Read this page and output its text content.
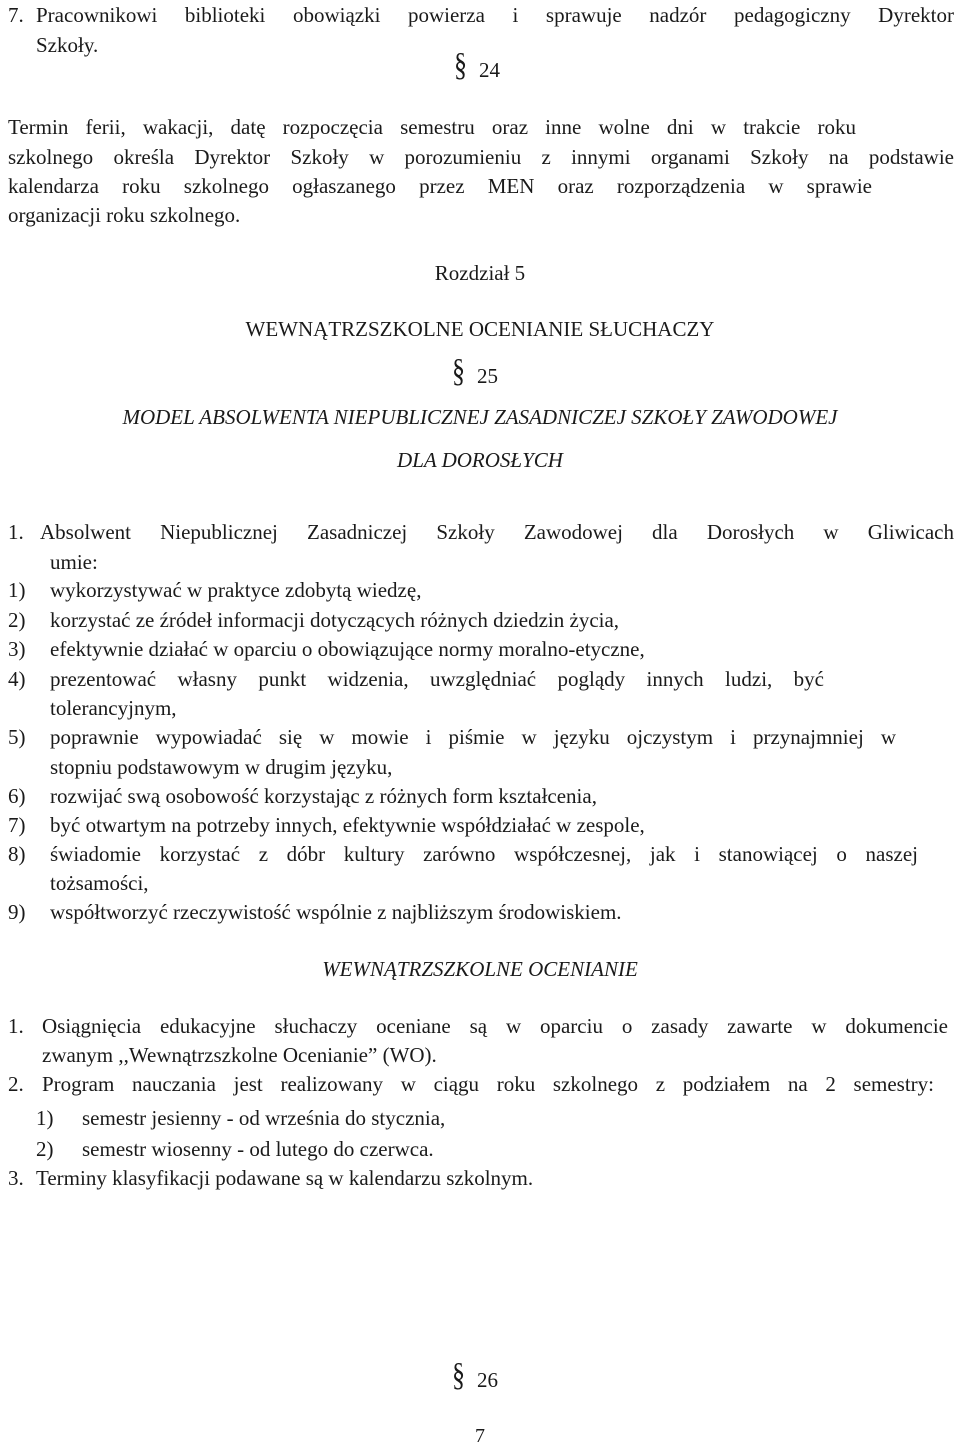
7. Pracownikowi biblioteki obowiązki powierza i sprawuje nadzór pedagogiczny Dyrektor
Szkoły.
§ 24
Termin ferii, wakacji, datę rozpoczęcia semestru oraz inne wolne dni w trakcie roku
szkolnego określa Dyrektor Szkoły w porozumieniu z innymi organami Szkoły na podstawie
kalendarza roku szkolnego ogłaszanego przez MEN oraz rozporządzenia w sprawie
organizacji roku szkolnego.
Rozdział 5
WEWNĄTRZSZKOLNE OCENIANIE SŁUCHACZY
§ 25
MODEL ABSOLWENTA NIEPUBLICZNEJ ZASADNICZEJ SZKOŁY ZAWODOWEJ
DLA DOROSŁYCH
1. Absolwent Niepublicznej Zasadniczej Szkoły Zawodowej dla Dorosłych w Gliwicach
umie:
1) wykorzystywać w praktyce zdobytą wiedzę,
2) korzystać ze źródeł informacji dotyczących różnych dziedzin życia,
3) efektywnie działać w oparciu o obowiązujące normy moralno-etyczne,
4) prezentować własny punkt widzenia, uwzględniać poglądy innych ludzi, być
tolerancyjnym,
5) poprawnie wypowiadać się w mowie i piśmie w języku ojczystym i przynajmniej w
stopniu podstawowym w drugim języku,
6) rozwijać swą osobowość korzystając z różnych form kształcenia,
7) być otwartym na potrzeby innych, efektywnie współdziałać w zespole,
8) świadomie korzystać z dóbr kultury zarówno współczesnej, jak i stanowiącej o naszej
tożsamości,
9) współtworzyć rzeczywistość wspólnie z najbliższym środowiskiem.
WEWNĄTRZSZKOLNE OCENIANIE
1. Osiągnięcia edukacyjne słuchaczy oceniane są w oparciu o zasady zawarte w dokumencie
zwanym ,,Wewnątrzszkolne Ocenianie” (WO).
2. Program nauczania jest realizowany w ciągu roku szkolnego z podziałem na 2 semestry:
1) semestr jesienny - od września do stycznia,
2) semestr wiosenny - od lutego do czerwca.
3. Terminy klasyfikacji podawane są w kalendarzu szkolnym.
§ 26
7
